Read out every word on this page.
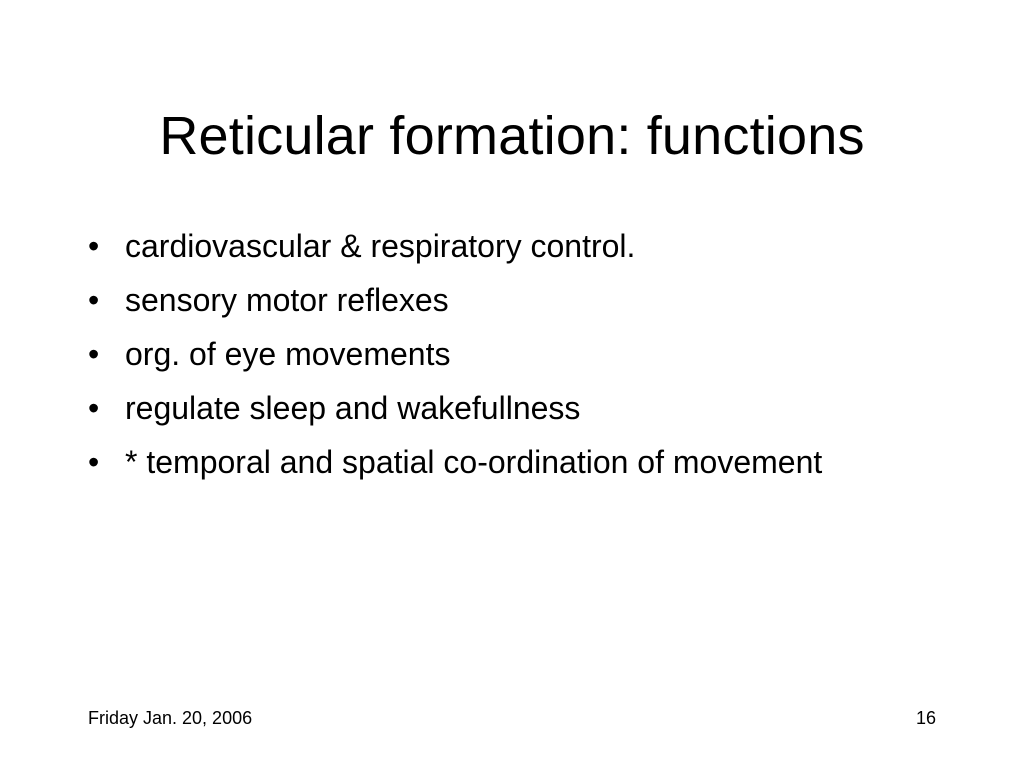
Reticular formation: functions
• cardiovascular & respiratory control.
• sensory motor reflexes
• org. of eye movements
• regulate sleep and wakefullness
• * temporal and spatial co-ordination of movement
Friday Jan. 20, 2006	16
